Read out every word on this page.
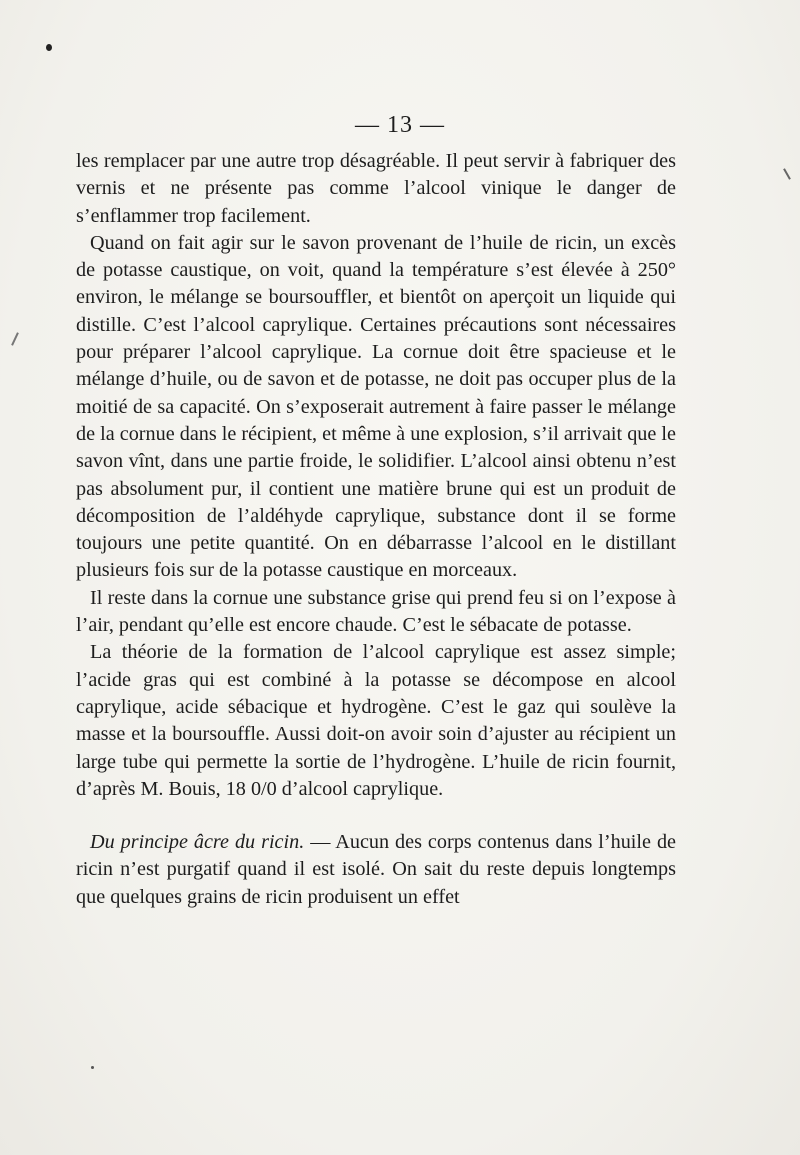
— 13 —

les remplacer par une autre trop désagréable. Il peut servir à fabriquer des vernis et ne présente pas comme l’alcool vinique le danger de s’enflammer trop facilement.

Quand on fait agir sur le savon provenant de l’huile de ricin, un excès de potasse caustique, on voit, quand la température s’est élevée à 250° environ, le mélange se boursouffler, et bientôt on aperçoit un liquide qui distille. C’est l’alcool caprylique. Certaines précautions sont nécessaires pour préparer l’alcool caprylique. La cornue doit être spacieuse et le mélange d’huile, ou de savon et de potasse, ne doit pas occuper plus de la moitié de sa capacité. On s’exposerait autrement à faire passer le mélange de la cornue dans le récipient, et même à une explosion, s’il arrivait que le savon vînt, dans une partie froide, le solidifier. L’alcool ainsi obtenu n’est pas absolument pur, il contient une matière brune qui est un produit de décomposition de l’aldéhyde caprylique, substance dont il se forme toujours une petite quantité. On en débarrasse l’alcool en le distillant plusieurs fois sur de la potasse caustique en morceaux.

Il reste dans la cornue une substance grise qui prend feu si on l’expose à l’air, pendant qu’elle est encore chaude. C’est le sébacate de potasse.

La théorie de la formation de l’alcool caprylique est assez simple; l’acide gras qui est combiné à la potasse se décompose en alcool caprylique, acide sébacique et hydrogène. C’est le gaz qui soulève la masse et la boursouffle. Aussi doit-on avoir soin d’ajuster au récipient un large tube qui permette la sortie de l’hydrogène. L’huile de ricin fournit, d’après M. Bouis, 18 0/0 d’alcool caprylique.

Du principe âcre du ricin. — Aucun des corps contenus dans l’huile de ricin n’est purgatif quand il est isolé. On sait du reste depuis longtemps que quelques grains de ricin produisent un effet
